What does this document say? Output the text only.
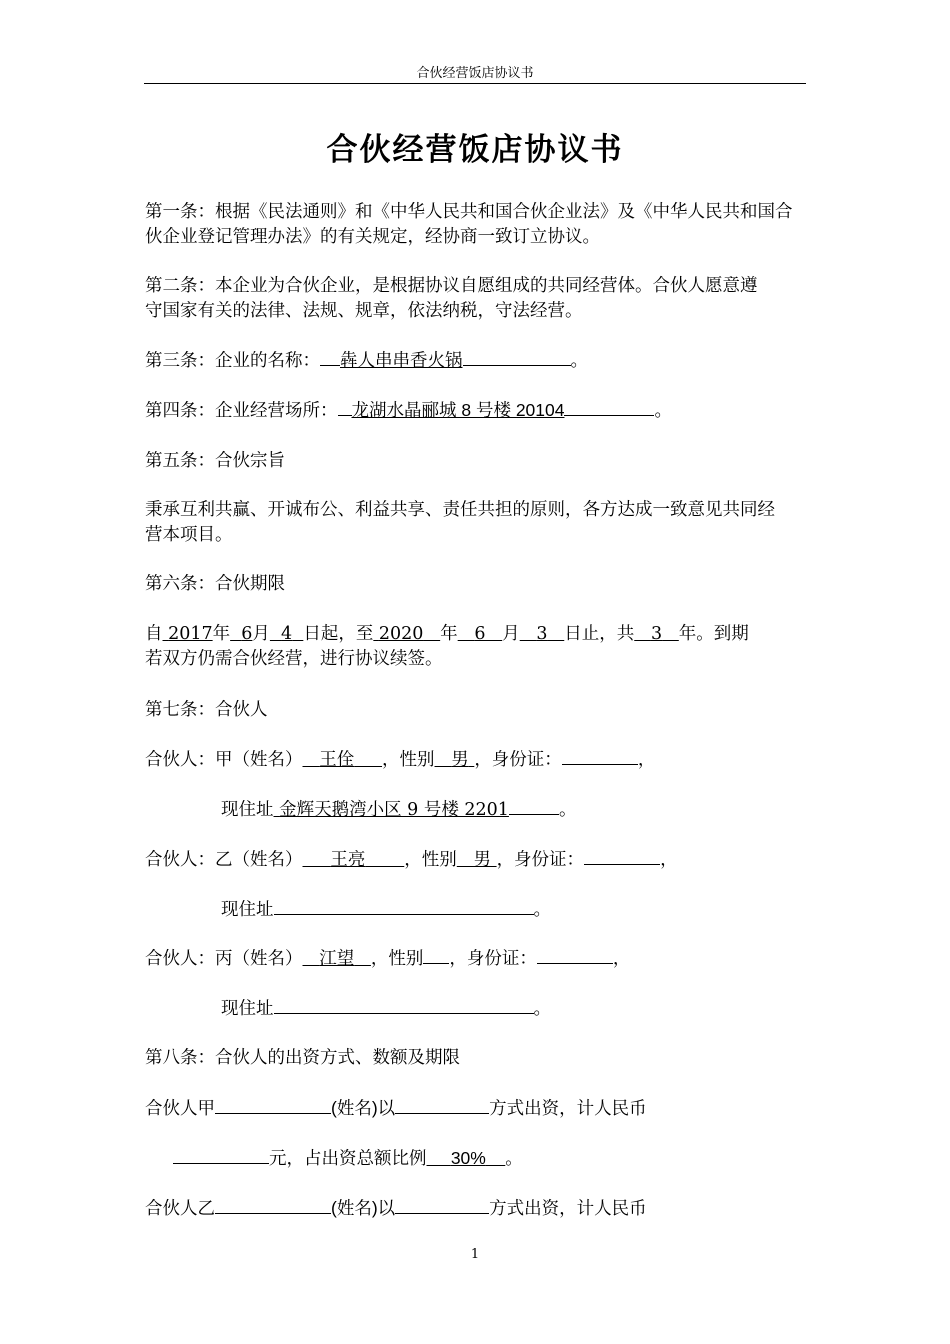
合伙经营饭店协议书
合伙经营饭店协议书
第一条：根据《民法通则》和《中华人民共和国合伙企业法》及《中华人民共和国合
伙企业登记管理办法》的有关规定，经协商一致订立协议。
第二条：本企业为合伙企业，是根据协议自愿组成的共同经营体。合伙人愿意遵
守国家有关的法律、法规、规章，依法纳税，守法经营。
第三条：企业的名称： 犇人串串香火锅	。
第四条：企业经营场所： 龙湖水晶郦城 8 号楼 20104	。
第五条：合伙宗旨
秉承互利共赢、开诚布公、利益共享、责任共担的原则，各方达成一致意见共同经
营本项目。
第六条：合伙期限
自 2017年 6月 4 日起，至 2020 年 6 月 3 日止，共 3 年。到期
若双方仍需合伙经营，进行协议续签。
第七条：合伙人
合伙人：甲（姓名） 王佺 ，性别 男 ，身份证：	，
现住址 金辉天鹅湾小区 9 号楼 2201	。
合伙人：乙（姓名） 王亮 ，性别 男 ，身份证：	，
现住址	。
合伙人：丙（姓名） 江望 ，性别 ，身份证：	，
现住址	。
第八条：合伙人的出资方式、数额及期限
合伙人甲	(姓名)以	方式出资，计人民币
元，占出资总额比例 30% 。
合伙人乙	(姓名)以	方式出资，计人民币
1
